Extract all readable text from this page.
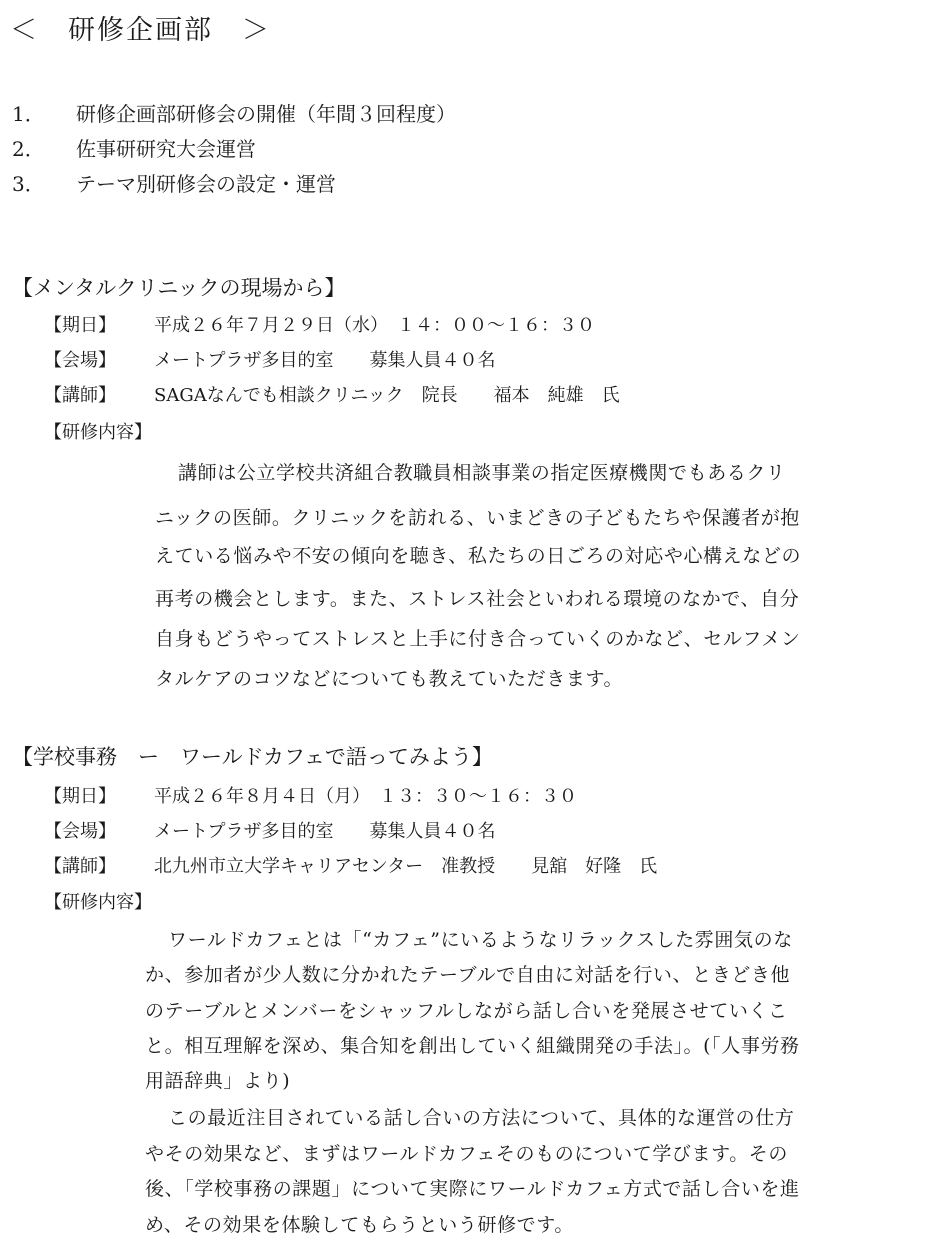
＜　研修企画部　＞
1． 研修企画部研修会の開催（年間３回程度）
2． 佐事研研究大会運営
3． テーマ別研修会の設定・運営
【メンタルクリニックの現場から】
【期日】 平成２６年７月２９日（水）　１４：００～１６：３０
【会場】 メートプラザ多目的室　　募集人員４０名
【講師】 SAGAなんでも相談クリニック　院長　　福本　純雄　氏
【研修内容】
講師は公立学校共済組合教職員相談事業の指定医療機関でもあるクリ
ニックの医師。クリニックを訪れる、いまどきの子どもたちや保護者が抱
えている悩みや不安の傾向を聴き、私たちの日ごろの対応や心構えなどの
再考の機会とします。また、ストレス社会といわれる環境のなかで、自分
自身もどうやってストレスと上手に付き合っていくのかなど、セルフメン
タルケアのコツなどについても教えていただきます。
【学校事務　ー　ワールドカフェで語ってみよう】
【期日】 平成２６年８月４日（月）　１３：３０～１６：３０
【会場】 メートプラザ多目的室　　募集人員４０名
【講師】 北九州市立大学キャリアセンター　准教授　　見舘　好隆　氏
【研修内容】
ワールドカフェとは「“カフェ”にいるようなリラックスした雰囲気のな
か、参加者が少人数に分かれたテーブルで自由に対話を行い、ときどき他
のテーブルとメンバーをシャッフルしながら話し合いを発展させていくこ
と。相互理解を深め、集合知を創出していく組織開発の手法」。(「人事労務
用語辞典」より)
この最近注目されている話し合いの方法について、具体的な運営の仕方
やその効果など、まずはワールドカフェそのものについて学びます。その
後、「学校事務の課題」について実際にワールドカフェ方式で話し合いを進
め、その効果を体験してもらうという研修です。
